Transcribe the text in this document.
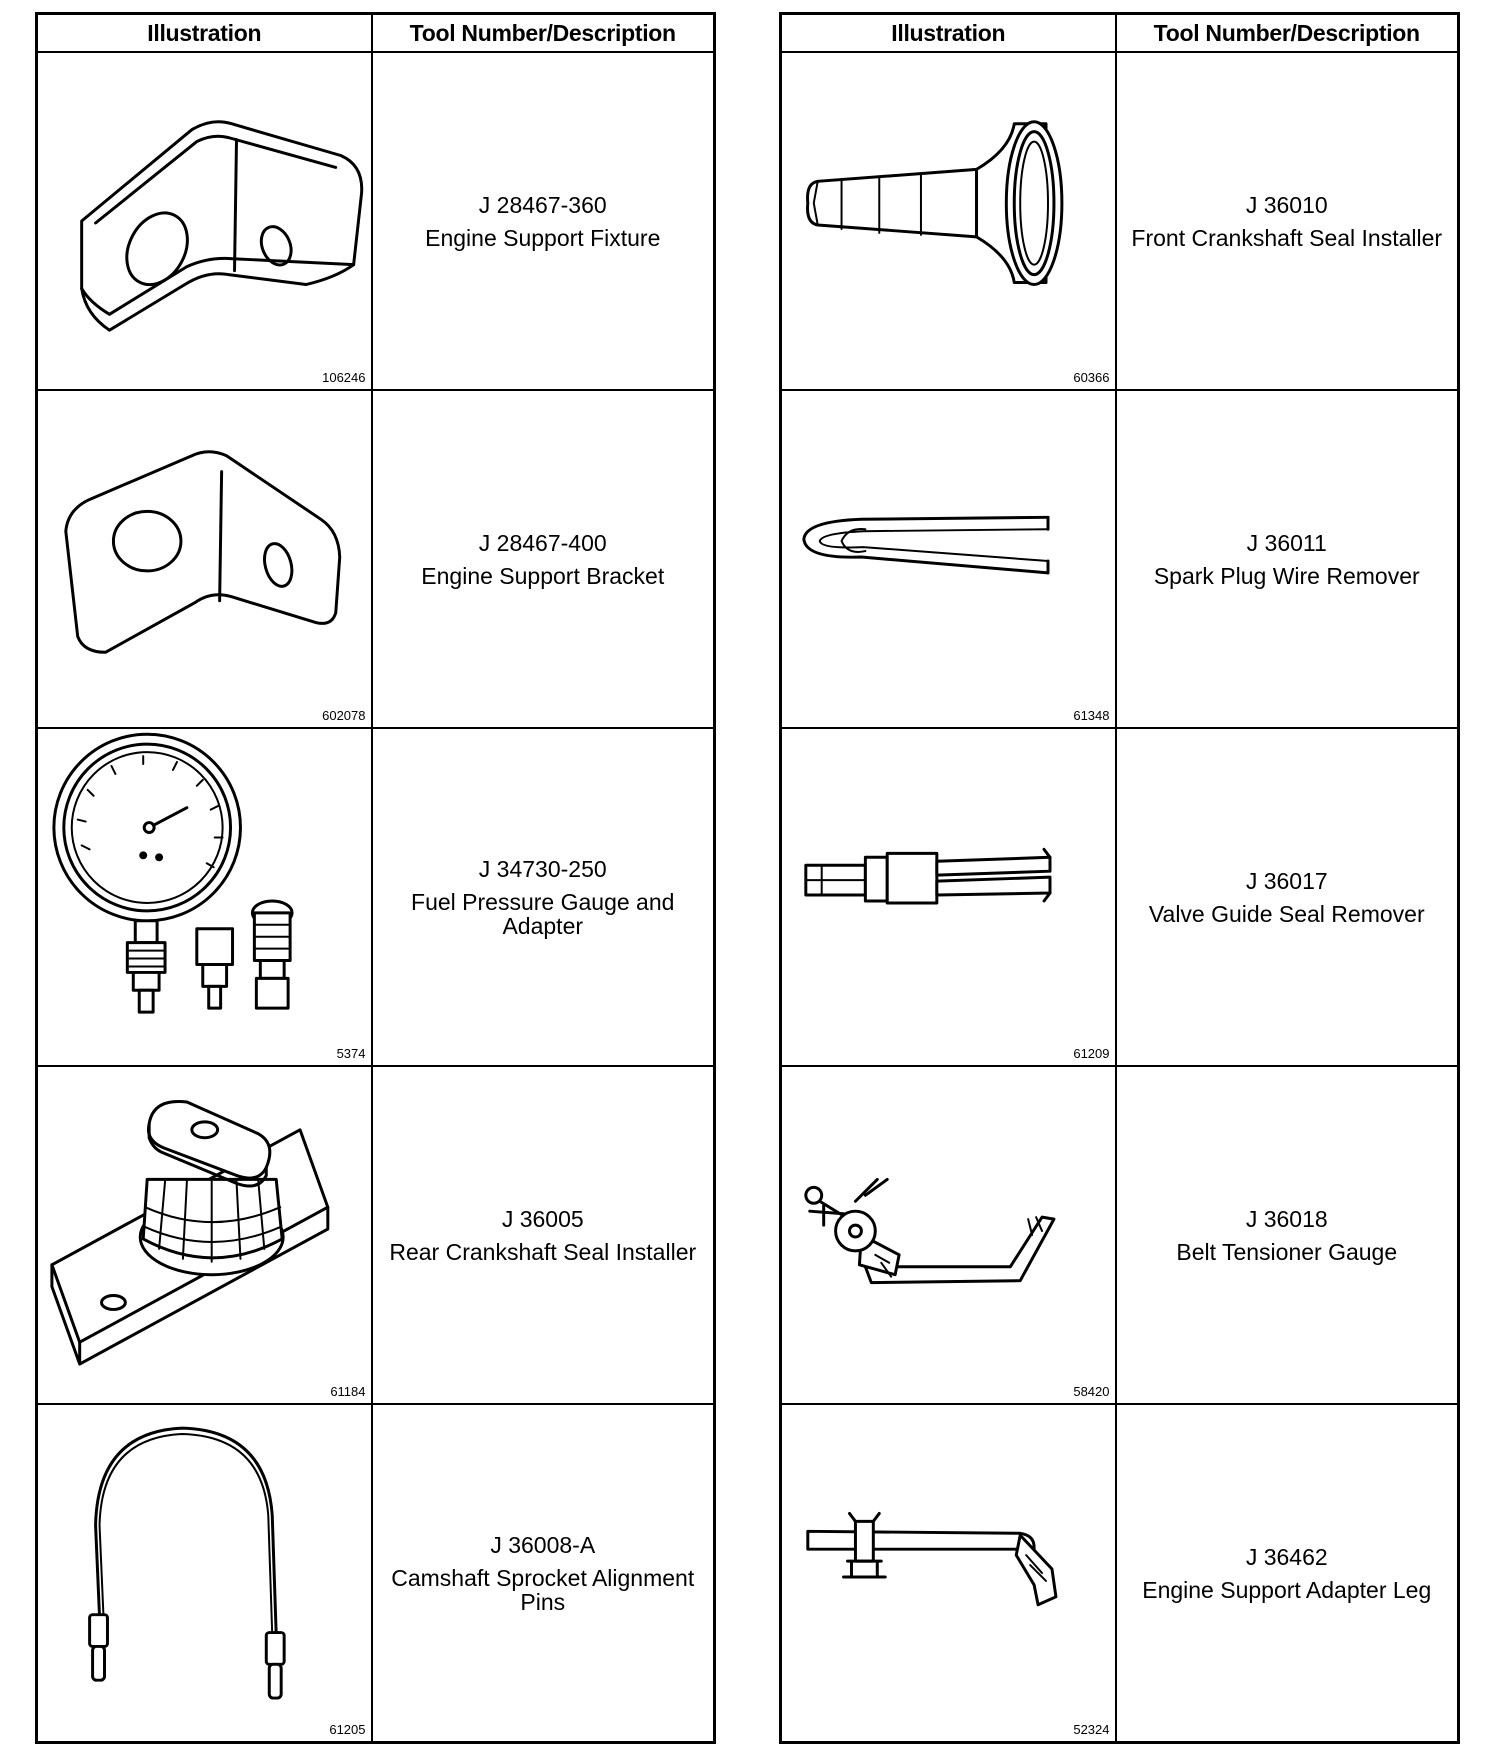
Illustration	Tool Number/Description

106246	J 28467-360
Engine Support Fixture

602078	J 28467-400
Engine Support Bracket

5374	J 34730-250
Fuel Pressure Gauge and Adapter

61184	J 36005
Rear Crankshaft Seal Installer

61205	J 36008-A
Camshaft Sprocket Alignment Pins
Illustration	Tool Number/Description

60366	J 36010
Front Crankshaft Seal Installer

61348	J 36011
Spark Plug Wire Remover

61209	J 36017
Valve Guide Seal Remover

58420	J 36018
Belt Tensioner Gauge

52324	J 36462
Engine Support Adapter Leg
